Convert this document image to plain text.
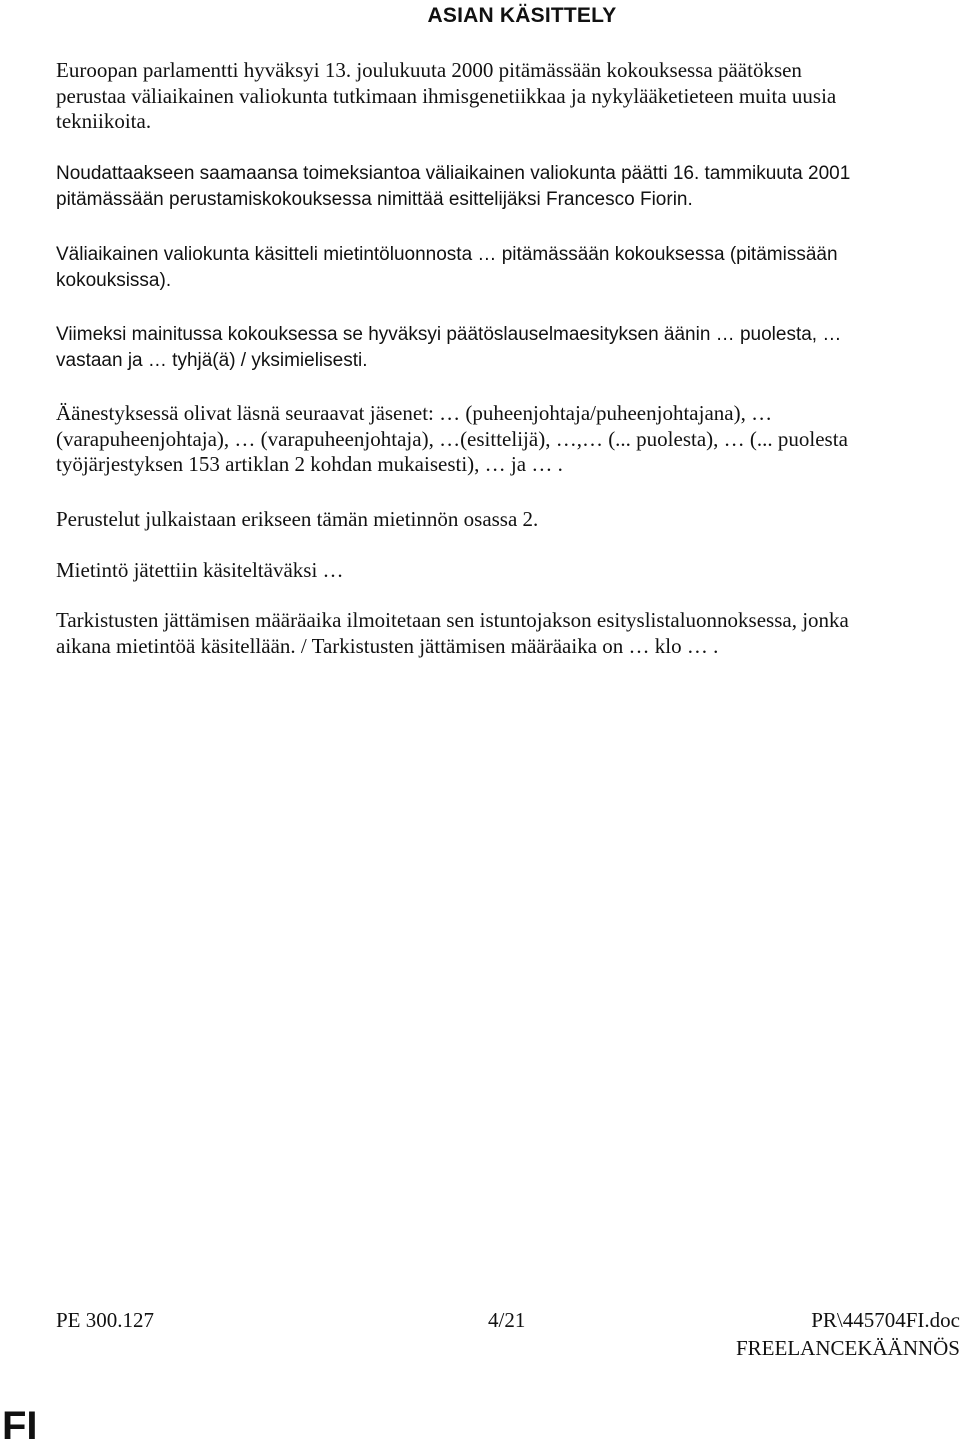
ASIAN KÄSITTELY

Euroopan parlamentti hyväksyi 13. joulukuuta 2000 pitämässään kokouksessa päätöksen
perustaa väliaikainen valiokunta tutkimaan ihmisgenetiikkaa ja nykylääketieteen muita uusia
tekniikoita.

Noudattaakseen saamaansa toimeksiantoa väliaikainen valiokunta päätti 16. tammikuuta 2001
pitämässään perustamiskokouksessa nimittää esittelijäksi Francesco Fiorin.

Väliaikainen valiokunta käsitteli mietintöluonnosta … pitämässään kokouksessa (pitämissään
kokouksissa).

Viimeksi mainitussa kokouksessa se hyväksyi päätöslauselmaesityksen äänin … puolesta, …
vastaan ja … tyhjä(ä) / yksimielisesti.

Äänestyksessä olivat läsnä seuraavat jäsenet: … (puheenjohtaja/puheenjohtajana), …
(varapuheenjohtaja), … (varapuheenjohtaja), …(esittelijä), …,… (... puolesta), … (... puolesta
työjärjestyksen 153 artiklan 2 kohdan mukaisesti), … ja … .

Perustelut julkaistaan erikseen tämän mietinnön osassa 2.

Mietintö jätettiin käsiteltäväksi …

Tarkistusten jättämisen määräaika ilmoitetaan sen istuntojakson esityslistaluonnoksessa, jonka
aikana mietintöä käsitellään. / Tarkistusten jättämisen määräaika on … klo … .

PE 300.127	4/21	PR\445704FI.doc
FREELANCEKÄÄNNÖS

FI
